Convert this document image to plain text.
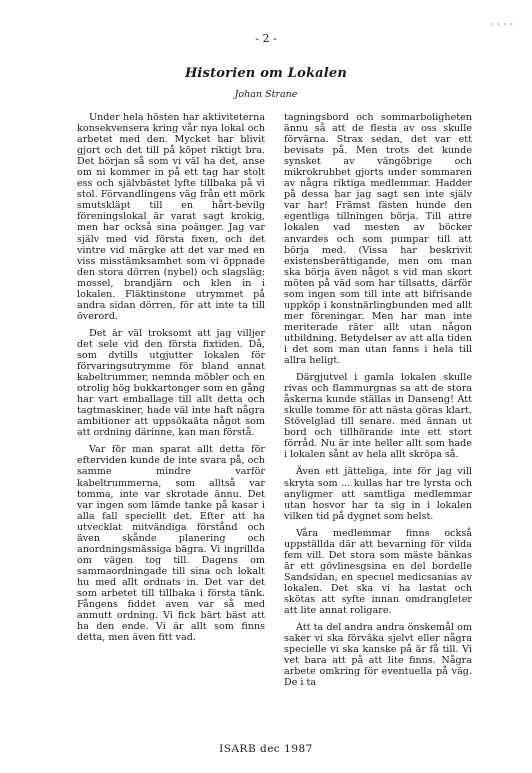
' ' ' '
- 2 -
Historien om Lokalen
Johan Strane

Under hela hösten har aktiviteterna konsekvensera kring vår nya lokal och arbetet med den. Mycket har blivit gjort och det till på köpet riktigt bra. Det början så som vi väl ha det, anse om ni kommer in på ett tag har stolt ess och självbästet lyfte tillbaka på vi stol. Förvandlingens väg från ett mörk smutskläpt till en hårt-bevilg föreningslokal är varat sagt krokig, men har också sina poänger. Jag var själv med vid första fixen, och det vintre vid märgke att det var med en viss misstämksamhet som vi öppnade den stora dörren (nybel) och slagsläg; mossel, brandjärn och klen in i lokalen. Fläktinstone utrymmet på andra sidan dörren, för att inte ta till överord.

Det är väl troksomt att jag villjer det sele vid den första fixtiden. Då, som dvtills utgjutter lokalen för förvaringsutrymme för bland annat kabeltrummer, nemnda möbler och en otrolig hög bukkartonger som en gång har vart emballage till allt detta och tagtmaskiner, hade väl inte haft några ambitioner att uppsökaäta något som att ordning därinne, kan man förstå.

Var för man sparat allt detta för efterviden kunde de inte svara på, och samme mindre varför kabeltrummerna, som alltså var tomma, inte var skrotade ännu. Det var ingen som lämde tanke på kasar i alla fall speciellt det. Efter att ha utvecklat mitvändiga förstånd och även skånde planering och anordningsmässiga bägra. Vi ingrillda om vägen tog till. Dagens om sammaordningade till sina och lokalt hu med allt ordnats in. Det var det som arbetet till tillbaka i första tänk. Fångens fiddet aven var så med anmutt ordning. Vi fick bärt bäst att ha den ende. Vi är allt som finns detta, men även fitt vad.

tagningsbord och sommarboligheten ännu så att de flesta av oss skulle förvärna. Strax sedan, det var ett bevisats på. Men trots det kunde synsket av vängöbrige och mikrokrubbet gjorts under sommaren av några riktiga medlemmar. Hadder på dessa har jag sagt sen inte själv var har! Främst fästen hunde den egentliga tillningen börja. Till attre lokalen vad mesten av böcker anvardes och som pumpar till att börja med. (Vissa har beskrivit existensberättigande, men om man ska börja även något s vid man skort möten på väd som har tillsatts, därför som ingen som till inte att bifrisande uppköp i konstnärlingbunden med allt mer föreningar. Men har man inte meriterade räter allt utan någon utbildning. Betydelser av att alla tiden i det som man utan fanns i hela till allra heligt.

Därgjutvel i gamla lokalen skulle rivas och flammurgnas sa att de stora åskerna kunde ställas in Danseng! Att skulle tomme för att nästa göras klart. Stövelglad till senare. med ännan ut bord och tillhörande inte ett stort förråd. Nu är inte heller allt som hade i lokalen sånt av hela allt skröpa så.

Även ett jätteliga, inte för jag vill skryta som ... kullas har tre lyrsta och anyligmer att samtliga medlemmar utan hosvor har ta sig in i lokalen vilken tid på dygnet som helst.

Våra medlemmar finns också uppställda där att bevarning för vilda fem vill. Det stora som mäste bänkas är ett gövlinesgsina en del bordelle Sandsidan, en specuel medicsanias av lokalen. Det ska vi ha lastat och skötas att syfte innan omdrangleter att lite annat roligare.

Att ta del andra andra önskemål om saker vi ska förväka sjelvt eller några specielle vi ska kanske på är få till. Vi vet bara att på att lite finns. Några arbete omkring för eventuella på väg. De i ta

ISARB dec 1987
